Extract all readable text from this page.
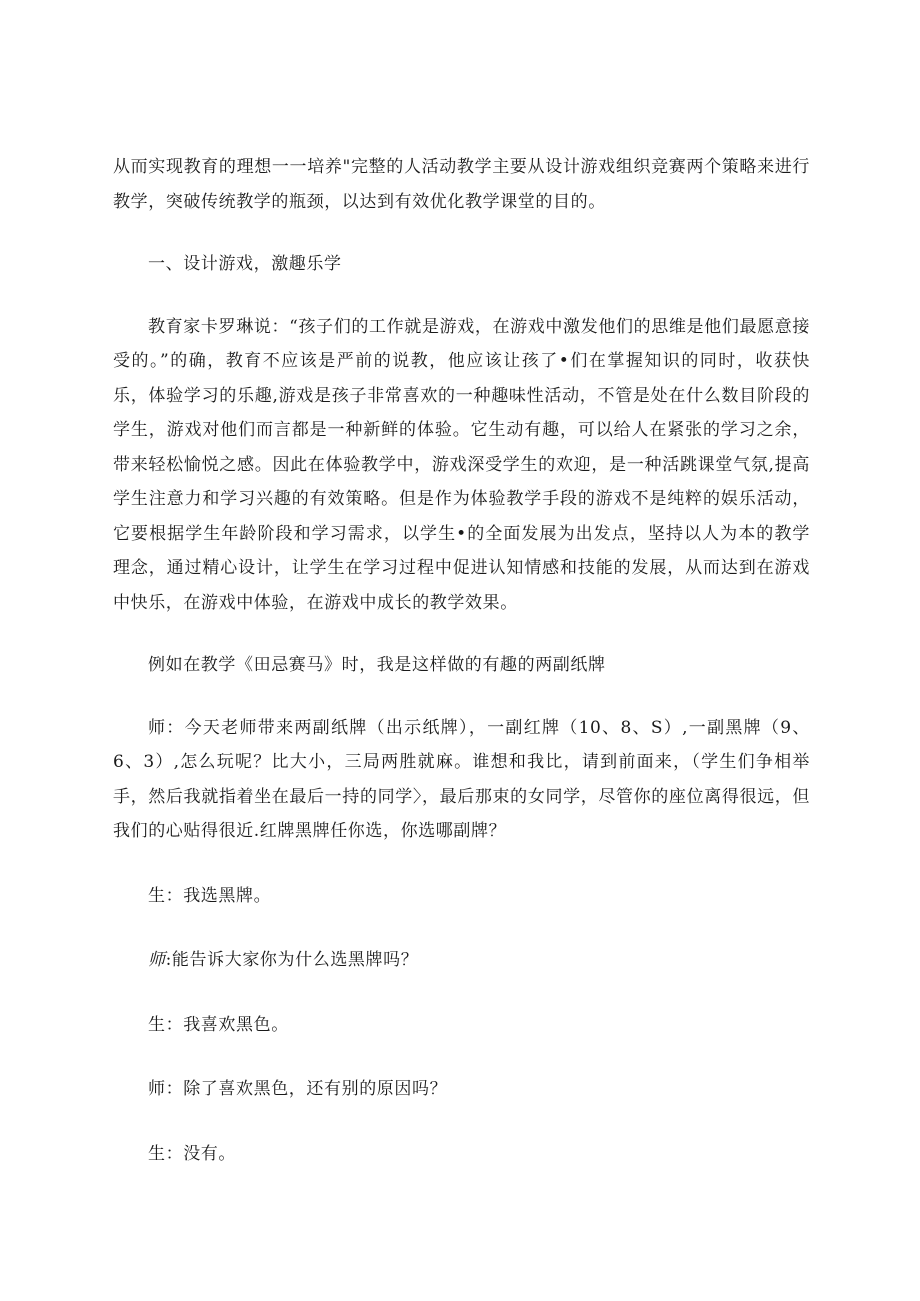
从而实现教育的理想一一培养"完整的人活动教学主要从设计游戏组织竞赛两个策略来进行教学，突破传统教学的瓶颈，以达到有效优化教学课堂的目的。

一、设计游戏，激趣乐学

教育家卡罗琳说：“孩子们的工作就是游戏，在游戏中激发他们的思维是他们最愿意接受的。”的确，教育不应该是严前的说教，他应该让孩了•们在掌握知识的同时，收获快乐，体验学习的乐趣,游戏是孩子非常喜欢的一种趣味性活动，不管是处在什么数目阶段的学生，游戏对他们而言都是一种新鲜的体验。它生动有趣，可以给人在紧张的学习之余，带来轻松愉悦之感。因此在体验教学中，游戏深受学生的欢迎，是一种活跳课堂气氛,提高学生注意力和学习兴趣的有效策略。但是作为体验教学手段的游戏不是纯粹的娱乐活动，它要根据学生年龄阶段和学习需求，以学生•的全面发展为出发点，坚持以人为本的教学理念，通过精心设计，让学生在学习过程中促进认知情感和技能的发展，从而达到在游戏中快乐，在游戏中体验，在游戏中成长的教学效果。

例如在教学《田忌赛马》时，我是这样做的有趣的两副纸牌

师：今天老师带来两副纸牌（出示纸牌），一副红牌（10、8、S）,一副黑牌（9、6、3）,怎么玩呢？比大小，三局两胜就麻。谁想和我比，请到前面来，（学生们争相举手，然后我就指着坐在最后一持的同学〉，最后那束的女同学，尽管你的座位离得很远，但我们的心贴得很近.红牌黑牌任你选，你选哪副牌？

生：我选黑牌。

师:能告诉大家你为什么选黑牌吗？

生：我喜欢黑色。

师：除了喜欢黑色，还有别的原因吗？

生：没有。
